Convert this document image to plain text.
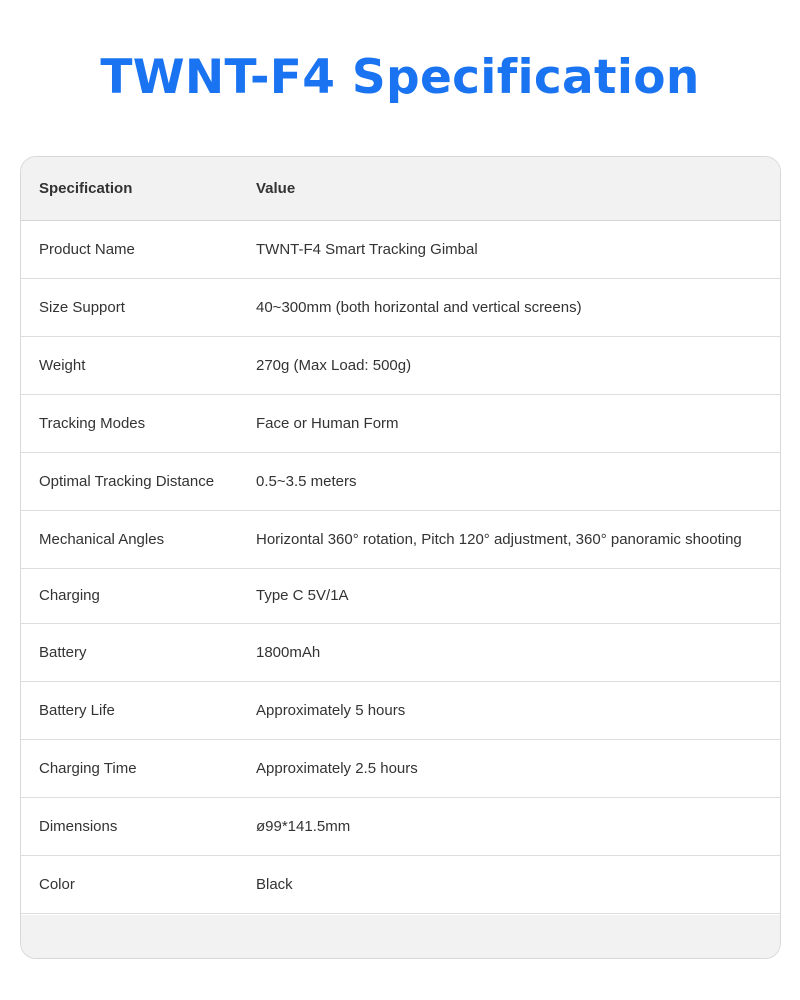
TWNT-F4 Specification
Specification	Value
Product Name	TWNT-F4 Smart Tracking Gimbal
Size Support	40~300mm (both horizontal and vertical screens)
Weight	270g (Max Load: 500g)
Tracking Modes	Face or Human Form
Optimal Tracking Distance	0.5~3.5 meters
Mechanical Angles	Horizontal 360° rotation, Pitch 120° adjustment, 360° panoramic shooting
Charging	Type C 5V/1A
Battery	1800mAh
Battery Life	Approximately 5 hours
Charging Time	Approximately 2.5 hours
Dimensions	ø99*141.5mm
Color	Black
